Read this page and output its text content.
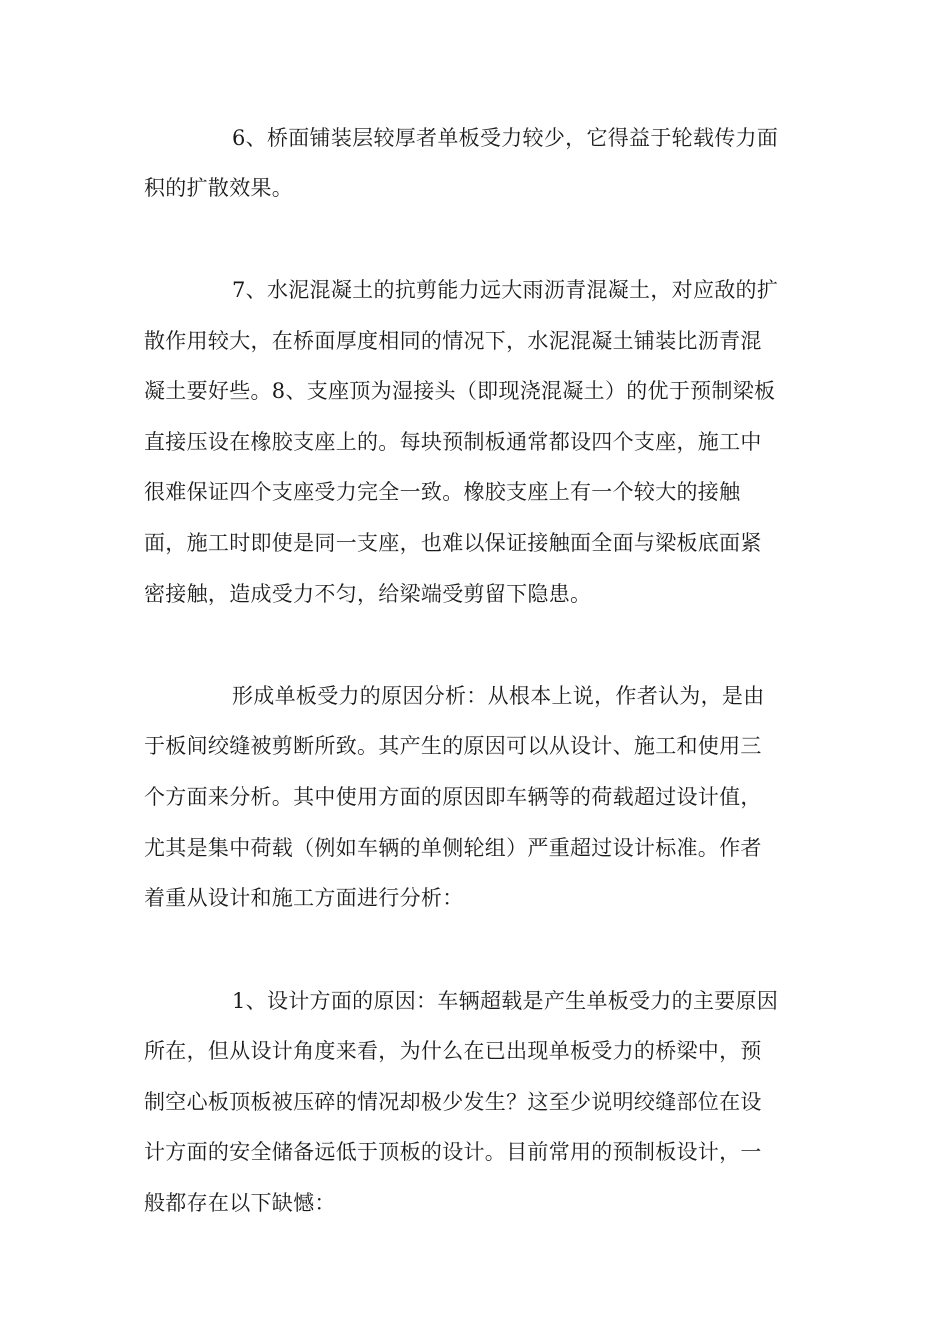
6、桥面铺装层较厚者单板受力较少，它得益于轮载传力面
积的扩散效果。
7、水泥混凝土的抗剪能力远大雨沥青混凝土，对应敌的扩
散作用较大，在桥面厚度相同的情况下，水泥混凝土铺装比沥青混
凝土要好些。8、支座顶为湿接头（即现浇混凝土）的优于预制梁板
直接压设在橡胶支座上的。每块预制板通常都设四个支座，施工中
很难保证四个支座受力完全一致。橡胶支座上有一个较大的接触
面，施工时即使是同一支座，也难以保证接触面全面与梁板底面紧
密接触，造成受力不匀，给梁端受剪留下隐患。
形成单板受力的原因分析：从根本上说，作者认为，是由
于板间绞缝被剪断所致。其产生的原因可以从设计、施工和使用三
个方面来分析。其中使用方面的原因即车辆等的荷载超过设计值，
尤其是集中荷载（例如车辆的单侧轮组）严重超过设计标准。作者
着重从设计和施工方面进行分析：
1、设计方面的原因：车辆超载是产生单板受力的主要原因
所在，但从设计角度来看，为什么在已出现单板受力的桥梁中，预
制空心板顶板被压碎的情况却极少发生？这至少说明绞缝部位在设
计方面的安全储备远低于顶板的设计。目前常用的预制板设计，一
般都存在以下缺憾：
